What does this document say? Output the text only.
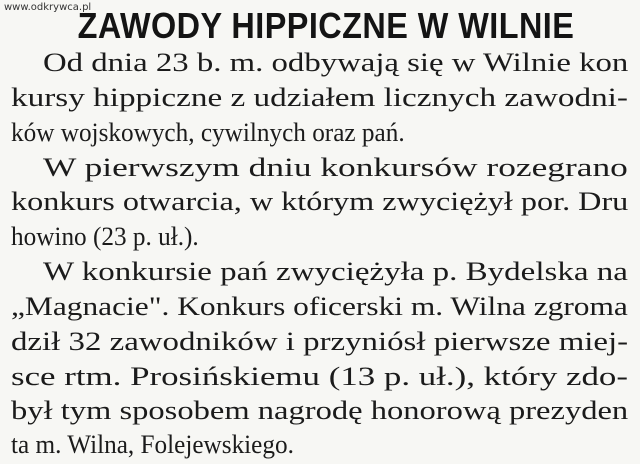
www.odkrywca.pl
ZAWODY HIPPICZNE W WILNIE
Od dnia 23 b. m. odbywają się w Wilnie kon
kursy hippiczne z udziałem licznych zawodni-
ków wojskowych, cywilnych oraz pań.
W pierwszym dniu konkursów rozegrano
konkurs otwarcia, w którym zwyciężył por. Dru
howino (23 p. uł.).
W konkursie pań zwyciężyła p. Bydelska na
„Magnacie". Konkurs oficerski m. Wilna zgroma
dził 32 zawodników i przyniósł pierwsze miej-
sce rtm. Prosińskiemu (13 p. uł.), który zdo-
był tym sposobem nagrodę honorową prezyden
ta m. Wilna, Folejewskiego.
